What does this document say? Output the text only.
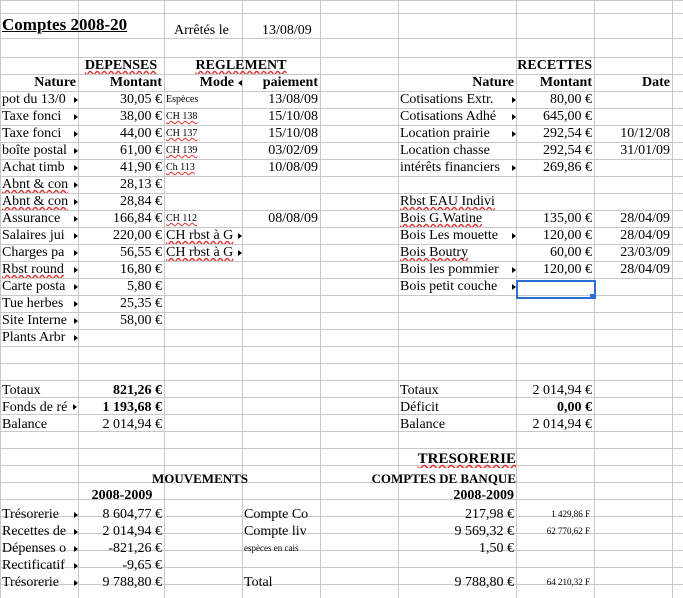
Comptes 2008-20	Arrêtés le	13/08/09
DEPENSES	REGLEMENT	RECETTES
Nature	Montant	Mode	paiement	Nature	Montant	Date
pot du 13/0	30,05 € Espèces	13/08/09
Taxe fonci	38,00 € CH 138	15/10/08
Taxe fonci	44,00 € CH 137	15/10/08
boîte postal	61,00 € CH 139	03/02/09
Achat timb	41,90 € Ch 113	10/08/09
Abnt & con	28,13 €
Abnt & con	28,84 €
Assurance	166,84 € CH 112	08/08/09
Salaires jui	220,00 € CH rbst à G
Charges pa	56,55 € CH rbst à G
Rbst round	16,80 €
Carte posta	5,80 €
Tue herbes	25,35 €
Site Interne	58,00 €
Plants Arbr
Cotisations Extr.	80,00 €
Cotisations Adhé	645,00 €
Location prairie	292,54 €	10/12/08
Location chasse	292,54 €	31/01/09
intérêts financiers	269,86 €
Rbst EAU Indivi
Bois G.Watine	135,00 €	28/04/09
Bois Les mouette	120,00 €	28/04/09
Bois Boutry	60,00 €	23/03/09
Bois les pommier	120,00 €	28/04/09
Bois petit couche
Totaux	821,26 €
Fonds de ré	1 193,68 €
Balance	2 014,94 €
Totaux	2 014,94 €
Déficit	0,00 €
Balance	2 014,94 €
TRESORERIE
MOUVEMENTS	COMPTES DE BANQUE
2008-2009	2008-2009
Trésorerie	8 604,77 €	Compte Co	217,98 €	1 429,86 F
Recettes de	2 014,94 €	Compte liv	9 569,32 €	62 770,62 F
Dépenses o	-821,26 €	espèces en cais	1,50 €
Rectificatif	-9,65 €
Trésorerie	9 788,80 €	Total	9 788,80 €	64 210,32 F
